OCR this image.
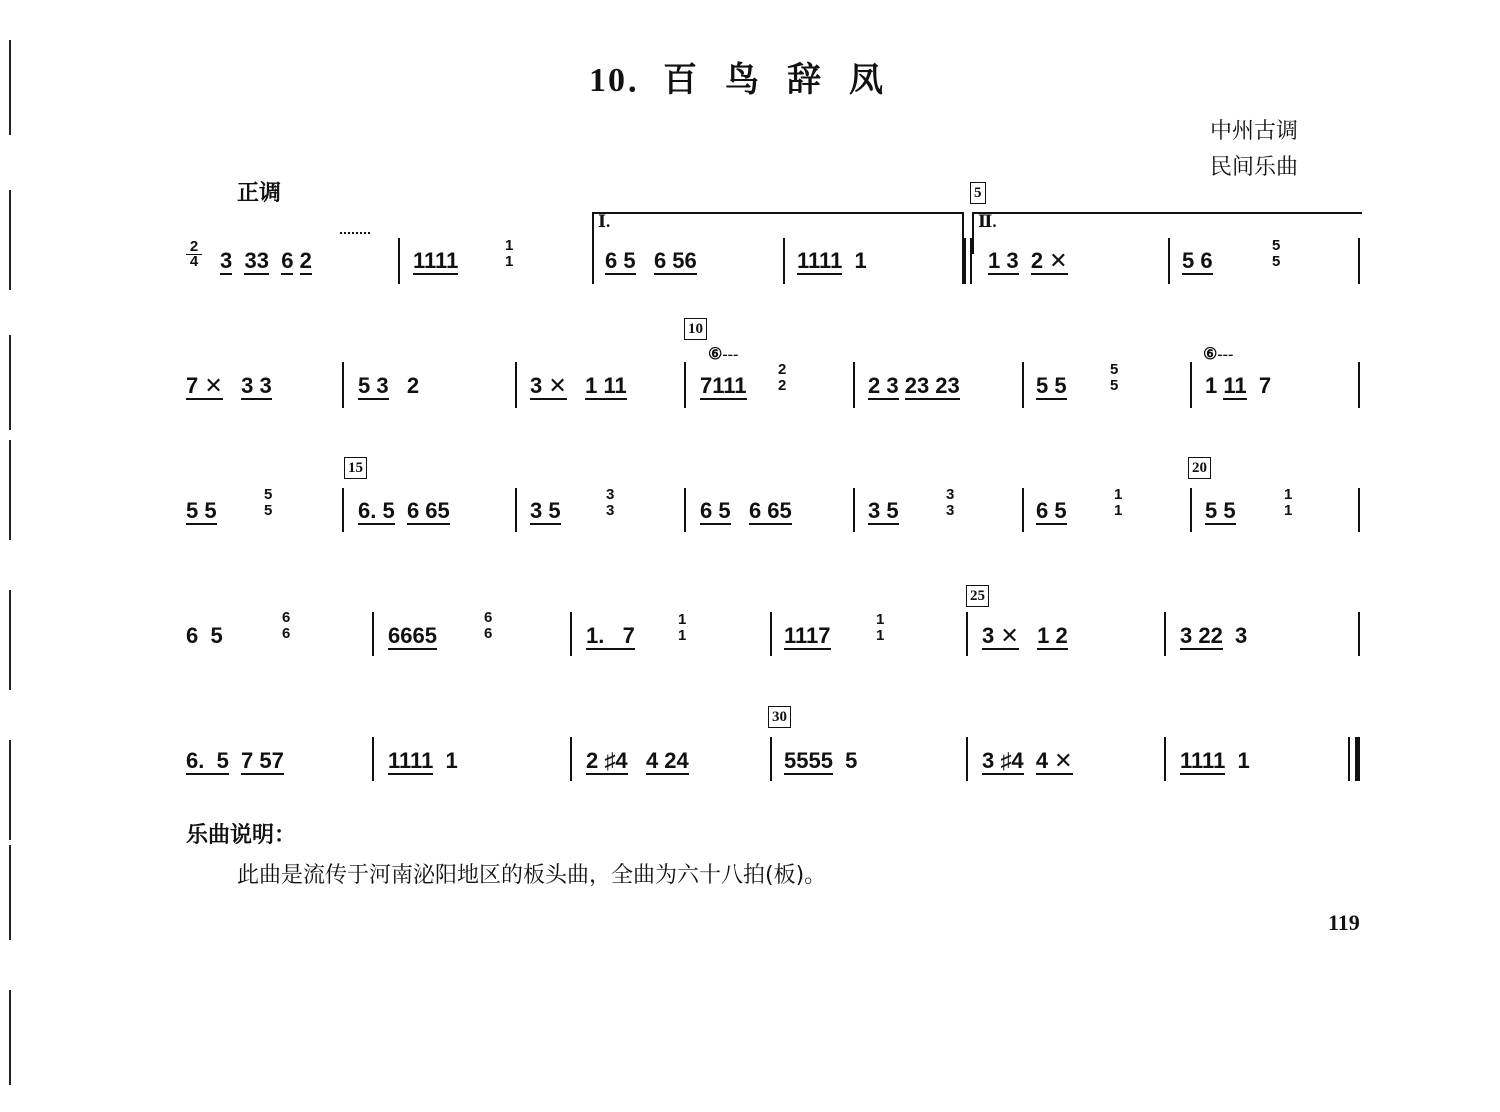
10．百鸟辞凤
中州古调
民间乐曲
正调
2
4
Ⅰ.	Ⅱ.
5
10
15	20
25
30
⑥---	⑥---
3 33 6 2	1111
1
1	6 5 6 56	1111  1	1 3 2 ✕	5 6
5
5
7 ✕ 3 3	5 3   2	3 ✕ 1 11	7111
2
2	2 3 23 23	5 5
5
5	1 11  7
5 5
5
5	6. 5 6 65	3 5
3
3	6 5 6 65	3 5
3
3	6 5
1
1	5 5
1
1
6  5
6
6	6665
6
6	1.   7
1
1	1117
1
1	3 ✕ 1 2	3 22  3
6.  5 7 57	1111  1	2 ♯4 4 24	5555  5	3 ♯4 4 ✕	1111  1
乐曲说明：
此曲是流传于河南泌阳地区的板头曲，全曲为六十八拍(板)。
119
